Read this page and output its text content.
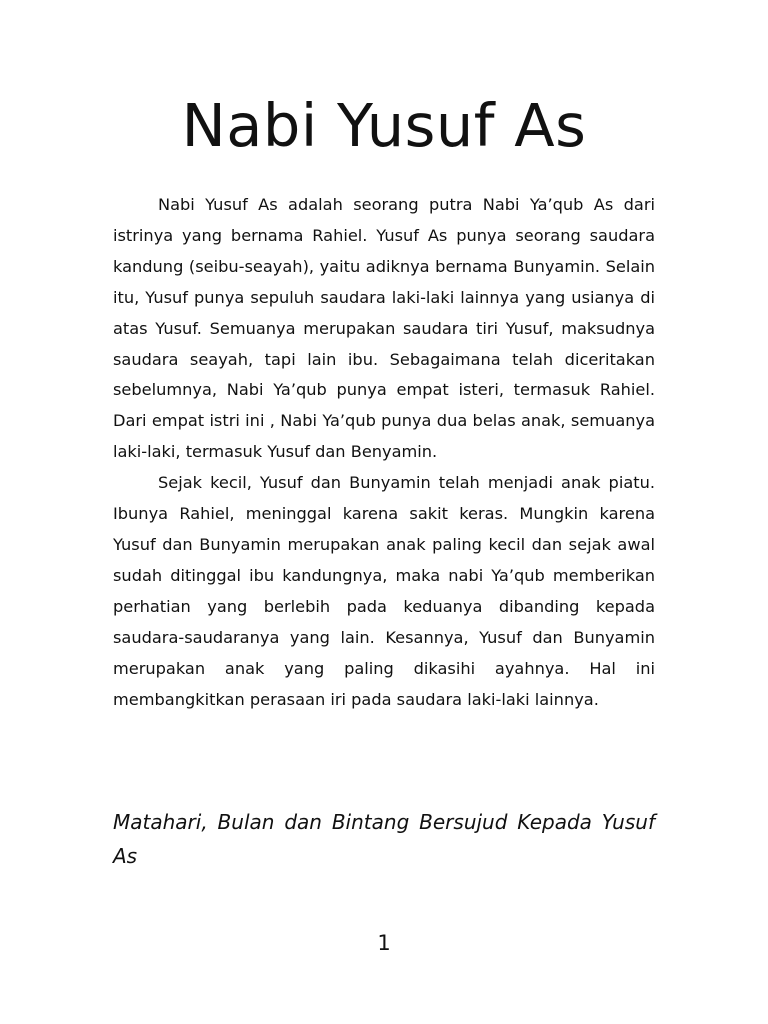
Nabi Yusuf As

Nabi Yusuf As adalah seorang putra Nabi Ya’qub As dari istrinya yang bernama Rahiel. Yusuf As punya seorang saudara kandung (seibu-seayah), yaitu adiknya bernama Bunyamin. Selain itu, Yusuf punya sepuluh saudara laki-laki lainnya yang usianya di atas Yusuf. Semuanya merupakan saudara tiri Yusuf, maksudnya saudara seayah, tapi lain ibu. Sebagaimana telah diceritakan sebelumnya, Nabi Ya’qub punya empat isteri, termasuk Rahiel. Dari empat istri ini , Nabi Ya’qub punya dua belas anak, semuanya laki-laki, termasuk Yusuf dan Benyamin.

Sejak kecil, Yusuf dan Bunyamin telah menjadi anak piatu. Ibunya Rahiel, meninggal karena sakit keras. Mungkin karena Yusuf dan Bunyamin merupakan anak paling kecil dan sejak awal sudah ditinggal ibu kandungnya, maka nabi Ya’qub memberikan perhatian yang berlebih pada keduanya dibanding kepada saudara-saudaranya yang lain. Kesannya, Yusuf dan Bunyamin merupakan anak yang paling dikasihi ayahnya. Hal ini membangkitkan perasaan iri pada saudara laki-laki lainnya.

Matahari, Bulan dan Bintang Bersujud Kepada Yusuf As
1
